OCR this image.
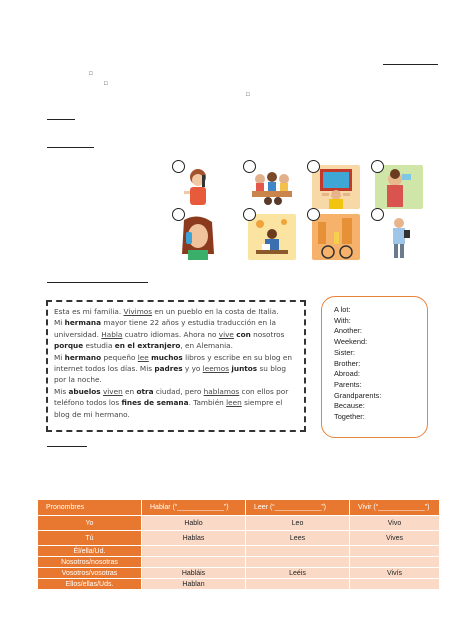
□
□
□

Esta es mi familia. Vivimos en un pueblo en la costa de Italia.

Mi hermana mayor tiene 22 años y estudia traducción en la

universidad. Habla cuatro idiomas. Ahora no vive con nosotros

porque estudia en el extranjero, en Alemania.

Mi hermano pequeño lee muchos libros y escribe en su blog en

internet todos los días. Mis padres y yo leemos juntos su blog

por la noche.

Mis abuelos viven en otra ciudad, pero hablamos con ellos por

teléfono todos los fines de semana. También leen siempre el

blog de mi hermano.

A lot:
With:
Another:
Weekend:
Sister:
Brother:
Abroad:
Parents:
Grandparents:
Because:
Together:
Pronombres	Hablar (“____________”)	Leer (“____________”)	Vivir (“____________”)
Yo	Hablo	Leo	Vivo
Tú	Hablas	Lees	Vives
Él/ella/Ud.			
Nosotros/nosotras			
Vosotros/vosotras	Habláis	Leéis	Vivís
Ellos/ellas/Uds.	Hablan		
